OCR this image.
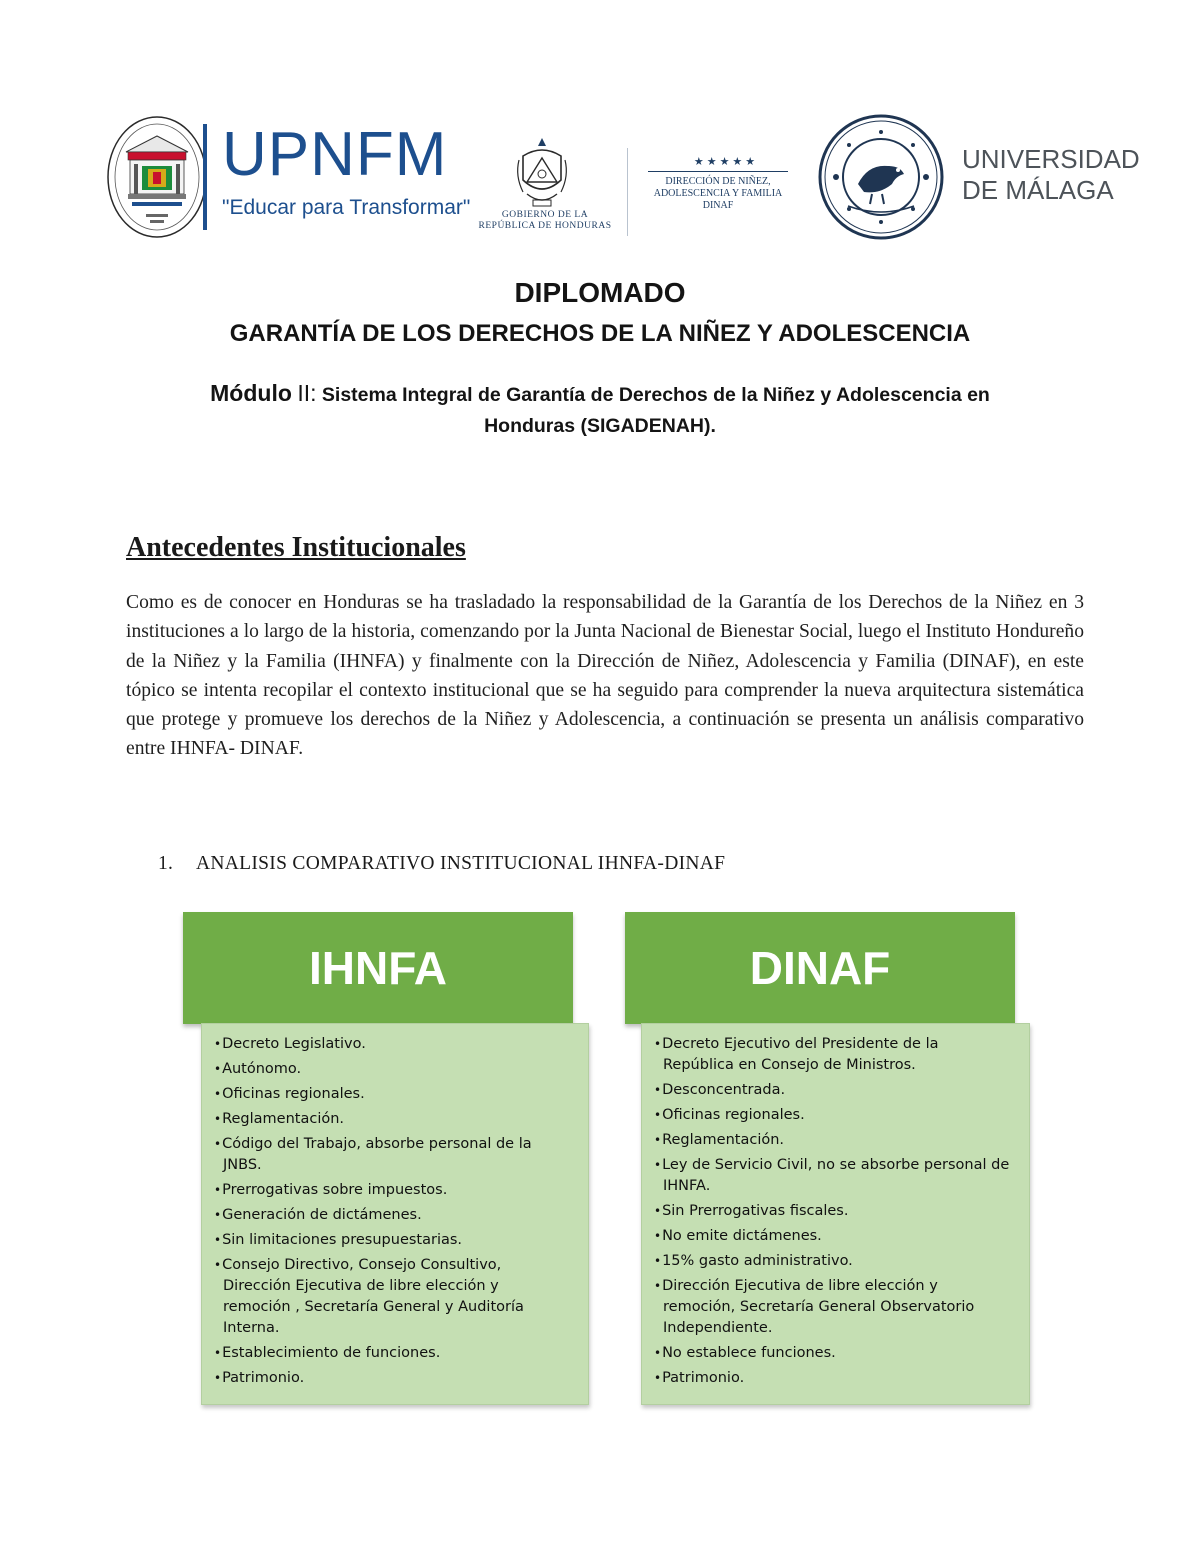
UPNFM
"Educar para Transformar"	GOBIERNO DE LA
REPÚBLICA DE HONDURAS
★★★★★
DIRECCIÓN DE NIÑEZ,
ADOLESCENCIA Y FAMILIA
DINAF
UNIVERSIDAD
DE MÁLAGA
DIPLOMADO
GARANTÍA DE LOS DERECHOS DE LA NIÑEZ Y ADOLESCENCIA
Módulo II: Sistema Integral de Garantía de Derechos de la Niñez y Adolescencia en
Honduras (SIGADENAH).
Antecedentes Institucionales
Como es de conocer en Honduras se ha trasladado la responsabilidad de la Garantía de los Derechos de la Niñez en 3 instituciones a lo largo de la historia, comenzando por la Junta Nacional de Bienestar Social, luego el Instituto Hondureño de la Niñez y la Familia (IHNFA) y finalmente con la Dirección de Niñez, Adolescencia y Familia (DINAF), en este tópico se intenta recopilar el contexto institucional que se ha seguido para comprender la nueva arquitectura sistemática que protege y promueve los derechos de la Niñez y Adolescencia, a continuación se presenta un análisis comparativo entre IHNFA- DINAF.
1. ANALISIS COMPARATIVO INSTITUCIONAL IHNFA-DINAF
IHNFA
• Decreto Legislativo.
• Autónomo.
• Oficinas regionales.
• Reglamentación.
• Código del Trabajo, absorbe personal de la JNBS.
• Prerrogativas sobre impuestos.
• Generación de dictámenes.
• Sin limitaciones presupuestarias.
• Consejo Directivo, Consejo Consultivo, Dirección Ejecutiva de libre elección y remoción , Secretaría General y Auditoría Interna.
• Establecimiento de funciones.
• Patrimonio.
DINAF
• Decreto Ejecutivo del Presidente de la República en Consejo de Ministros.
• Desconcentrada.
• Oficinas regionales.
• Reglamentación.
• Ley de Servicio Civil, no se absorbe personal de IHNFA.
• Sin Prerrogativas fiscales.
• No emite dictámenes.
• 15% gasto administrativo.
• Dirección Ejecutiva de libre elección y remoción, Secretaría General Observatorio Independiente.
• No establece funciones.
• Patrimonio.
